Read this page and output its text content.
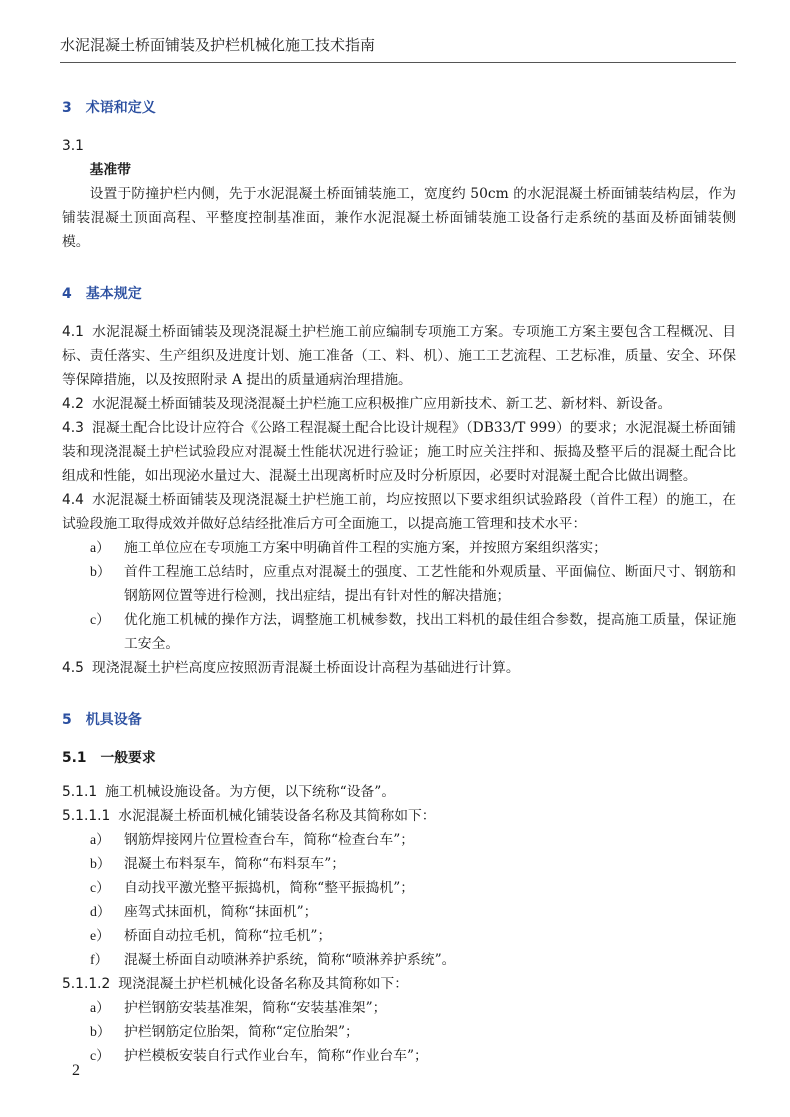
水泥混凝土桥面铺装及护栏机械化施工技术指南
3 术语和定义

3.1

基准带

设置于防撞护栏内侧，先于水泥混凝土桥面铺装施工，宽度约 50cm 的水泥混凝土桥面铺装结构层，作为铺装混凝土顶面高程、平整度控制基准面，兼作水泥混凝土桥面铺装施工设备行走系统的基面及桥面铺装侧模。

4 基本规定

4.1 水泥混凝土桥面铺装及现浇混凝土护栏施工前应编制专项施工方案。专项施工方案主要包含工程概况、目标、责任落实、生产组织及进度计划、施工准备（工、料、机）、施工工艺流程、工艺标准，质量、安全、环保等保障措施，以及按照附录 A 提出的质量通病治理措施。

4.2 水泥混凝土桥面铺装及现浇混凝土护栏施工应积极推广应用新技术、新工艺、新材料、新设备。

4.3 混凝土配合比设计应符合《公路工程混凝土配合比设计规程》（DB33/T 999）的要求；水泥混凝土桥面铺装和现浇混凝土护栏试验段应对混凝土性能状况进行验证；施工时应关注拌和、振捣及整平后的混凝土配合比组成和性能，如出现泌水量过大、混凝土出现离析时应及时分析原因，必要时对混凝土配合比做出调整。

4.4 水泥混凝土桥面铺装及现浇混凝土护栏施工前，均应按照以下要求组织试验路段（首件工程）的施工，在试验段施工取得成效并做好总结经批准后方可全面施工，以提高施工管理和技术水平：

a）	施工单位应在专项施工方案中明确首件工程的实施方案，并按照方案组织落实；
b） 首件工程施工总结时，应重点对混凝土的强度、工艺性能和外观质量、平面偏位、断面尺寸、钢筋和钢筋网位置等进行检测，找出症结，提出有针对性的解决措施；
c）	优化施工机械的操作方法，调整施工机械参数，找出工料机的最佳组合参数，提高施工质量，保证施工安全。

4.5 现浇混凝土护栏高度应按照沥青混凝土桥面设计高程为基础进行计算。

5 机具设备

5.1 一般要求

5.1.1 施工机械设施设备。为方便，以下统称“设备”。

5.1.1.1 水泥混凝土桥面机械化铺装设备名称及其简称如下：

a）	钢筋焊接网片位置检查台车，简称“检查台车”；
b） 混凝土布料泵车，简称“布料泵车”；
c）	自动找平激光整平振捣机，简称“整平振捣机”；
d） 座驾式抹面机，简称“抹面机”；
e）	桥面自动拉毛机，简称“拉毛机”；
f）	混凝土桥面自动喷淋养护系统，简称“喷淋养护系统”。

5.1.1.2 现浇混凝土护栏机械化设备名称及其简称如下：

a）	护栏钢筋安装基准架，简称“安装基准架”；
b） 护栏钢筋定位胎架，简称“定位胎架”；
c）	护栏模板安装自行式作业台车，简称“作业台车”；
2
